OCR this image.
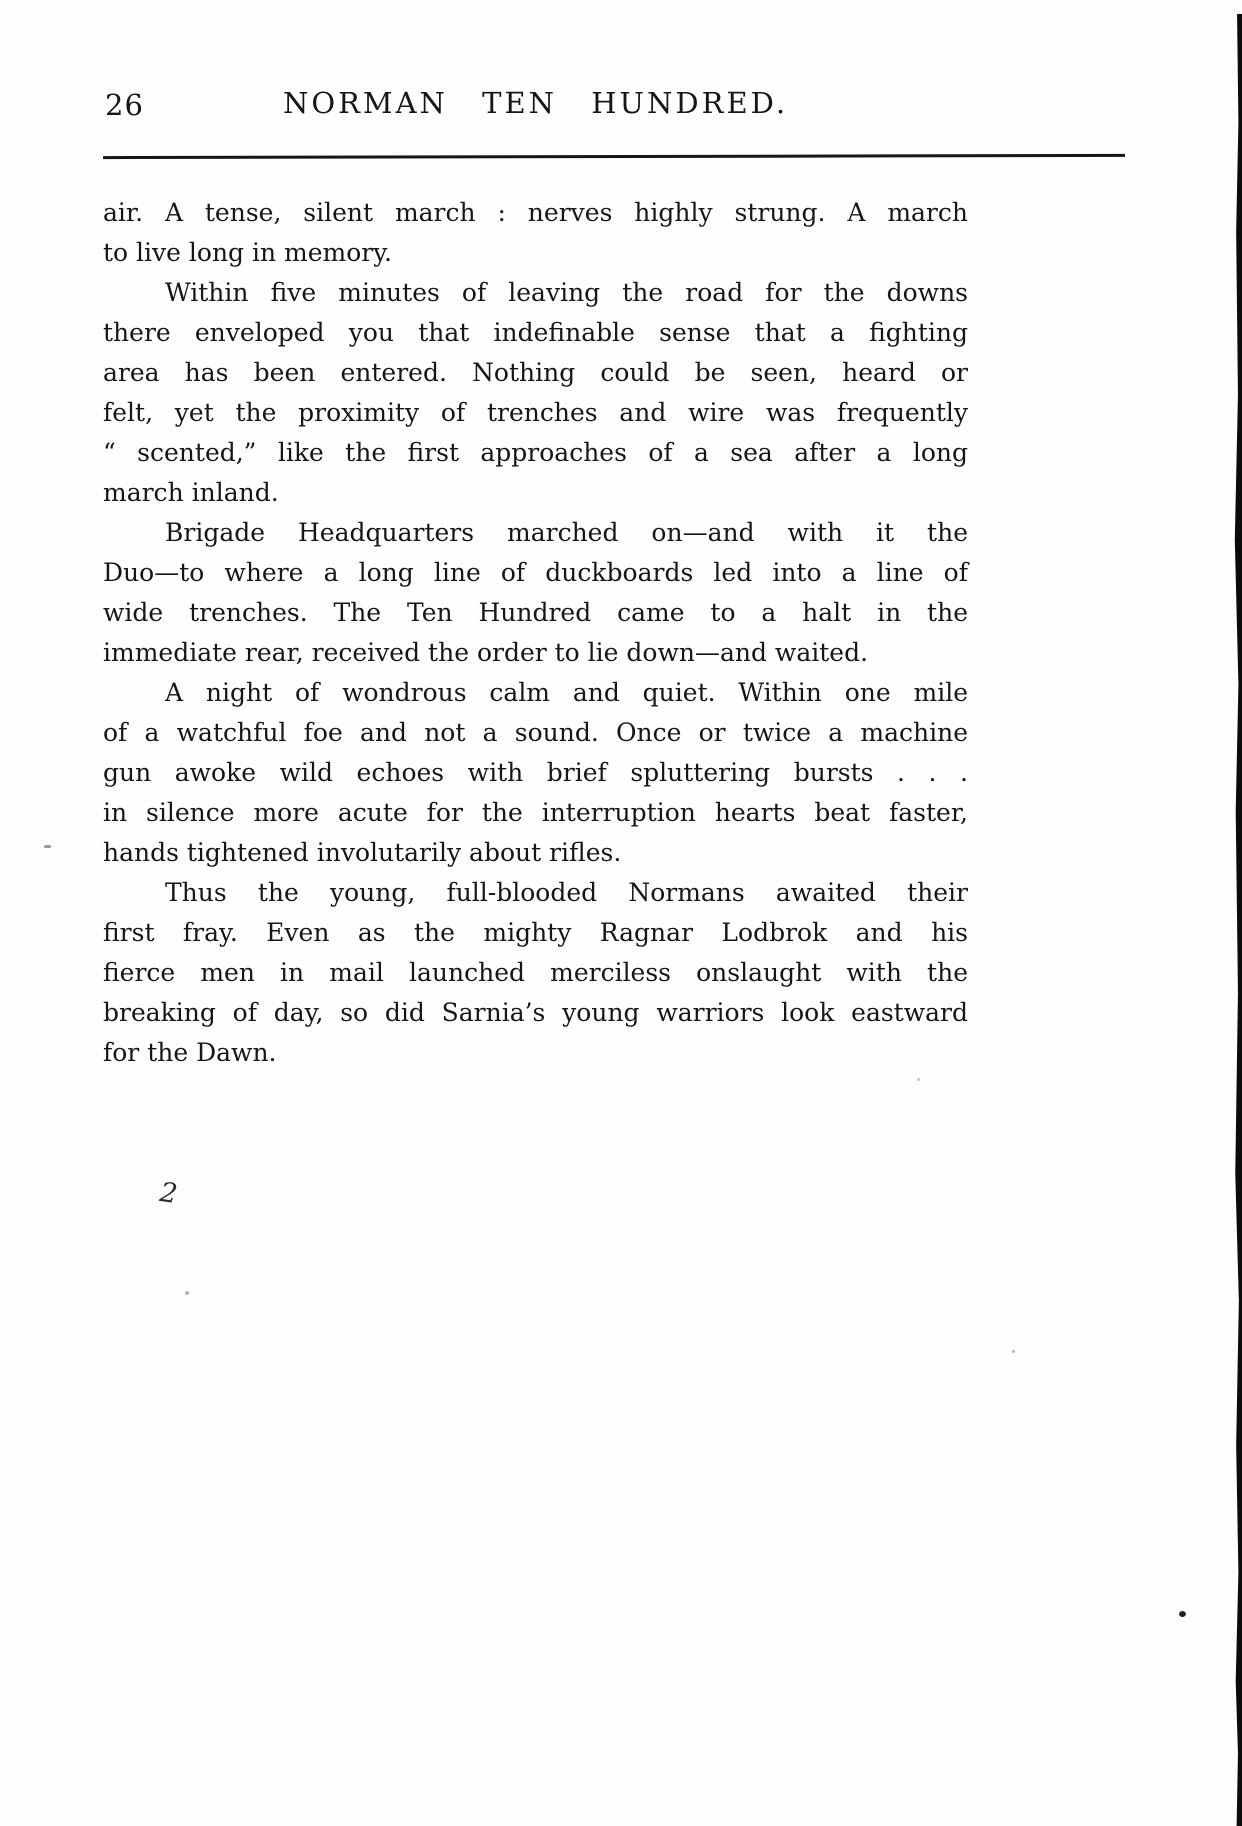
26	NORMAN TEN HUNDRED.
air. A tense, silent march : nerves highly strung. A march
to live long in memory.
Within five minutes of leaving the road for the downs
there enveloped you that indefinable sense that a fighting
area has been entered. Nothing could be seen, heard or
felt, yet the proximity of trenches and wire was frequently
“ scented,” like the first approaches of a sea after a long
march inland.
Brigade Headquarters marched on—and with it the
Duo—to where a long line of duckboards led into a line of
wide trenches. The Ten Hundred came to a halt in the
immediate rear, received the order to lie down—and waited.
A night of wondrous calm and quiet. Within one mile
of a watchful foe and not a sound. Once or twice a machine
gun awoke wild echoes with brief spluttering bursts . . .
in silence more acute for the interruption hearts beat faster,
hands tightened involutarily about rifles.
Thus the young, full-blooded Normans awaited their
first fray. Even as the mighty Ragnar Lodbrok and his
fierce men in mail launched merciless onslaught with the
breaking of day, so did Sarnia’s young warriors look eastward
for the Dawn.
2
